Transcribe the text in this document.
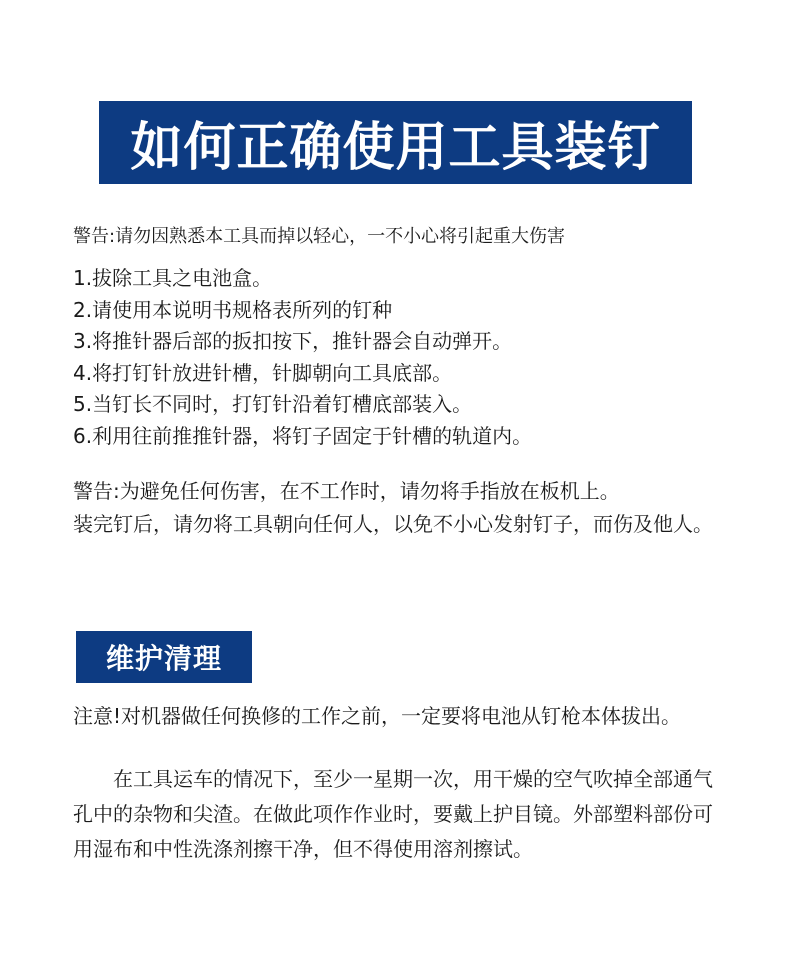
如何正确使用工具装钉
警告:请勿因熟悉本工具而掉以轻心，一不小心将引起重大伤害
1.拔除工具之电池盒。
2.请使用本说明书规格表所列的钉种
3.将推针器后部的扳扣按下，推针器会自动弹开。
4.将打钉针放进针槽，针脚朝向工具底部。
5.当钉长不同时，打钉针沿着钉槽底部装入。
6.利用往前推推针器，将钉子固定于针槽的轨道内。

警告:为避免任何伤害，在不工作时，请勿将手指放在板机上。

装完钉后，请勿将工具朝向任何人，以免不小心发射钉子，而伤及他人。

维护清理

注意!对机器做任何换修的工作之前，一定要将电池从钉枪本体拔出。

在工具运车的情况下，至少一星期一次，用干燥的空气吹掉全部通气孔中的杂物和尖渣。在做此项作作业时，要戴上护目镜。外部塑料部份可用湿布和中性洗涤剂擦干净，但不得使用溶剂擦试。
